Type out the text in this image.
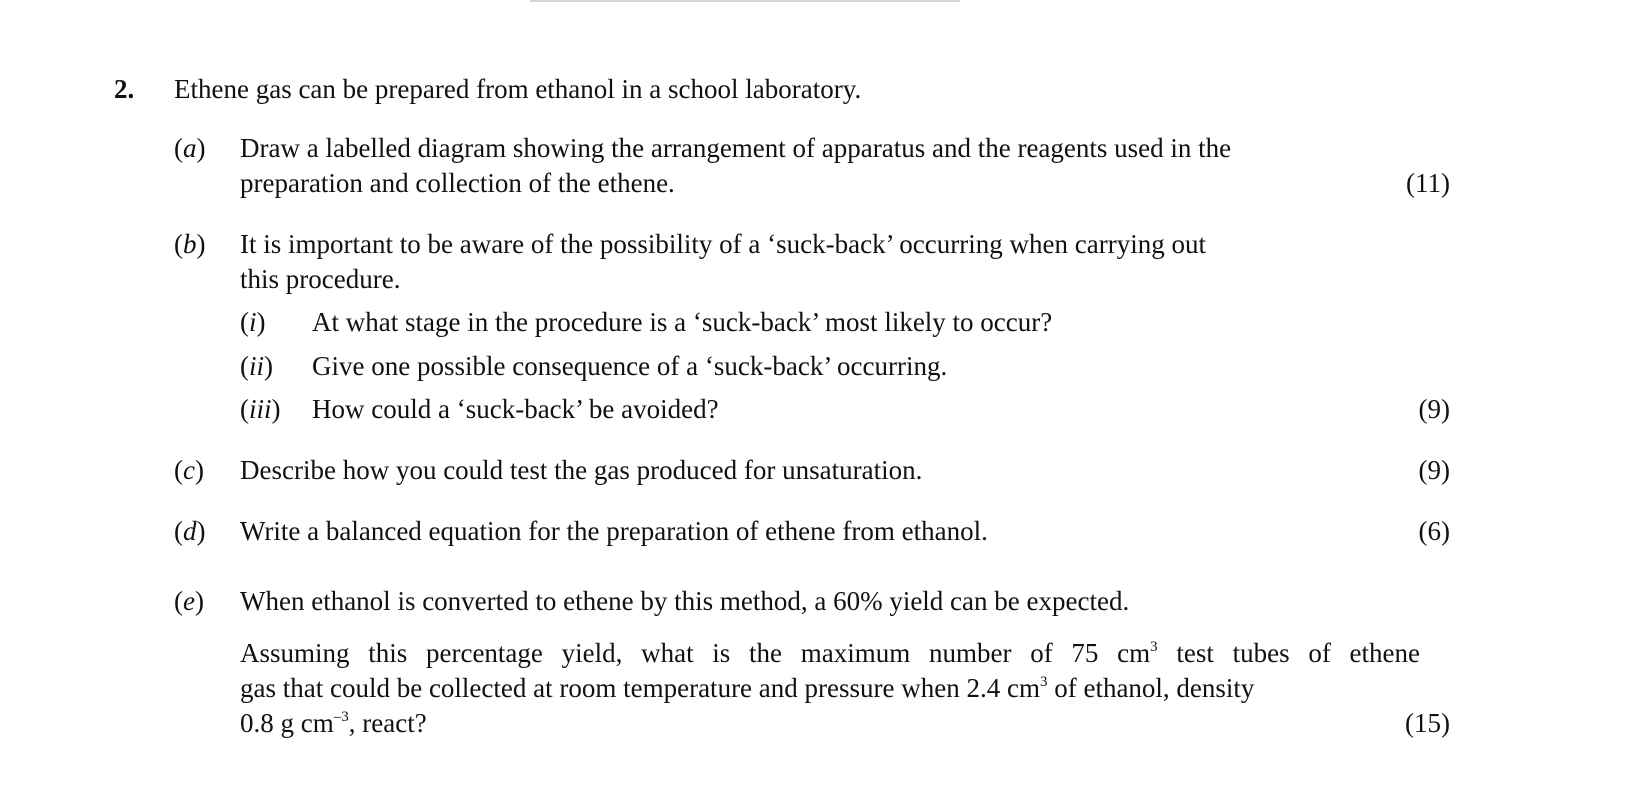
2. Ethene gas can be prepared from ethanol in a school laboratory.
(a) Draw a labelled diagram showing the arrangement of apparatus and the reagents used in the
preparation and collection of the ethene.	(11)
(b) It is important to be aware of the possibility of a ‘suck-back’ occurring when carrying out
this procedure.
(i) At what stage in the procedure is a ‘suck-back’ most likely to occur?
(ii) Give one possible consequence of a ‘suck-back’ occurring.
(iii) How could a ‘suck-back’ be avoided?	(9)
(c) Describe how you could test the gas produced for unsaturation.	(9)
(d) Write a balanced equation for the preparation of ethene from ethanol.	(6)
(e) When ethanol is converted to ethene by this method, a 60% yield can be expected.
Assuming this percentage yield, what is the maximum number of 75 $cm^3$ test tubes of ethene
gas that could be collected at room temperature and pressure when 2.4 $cm^3$ of ethanol, density
0.8 g $cm^{-3}$, react?	(15)
